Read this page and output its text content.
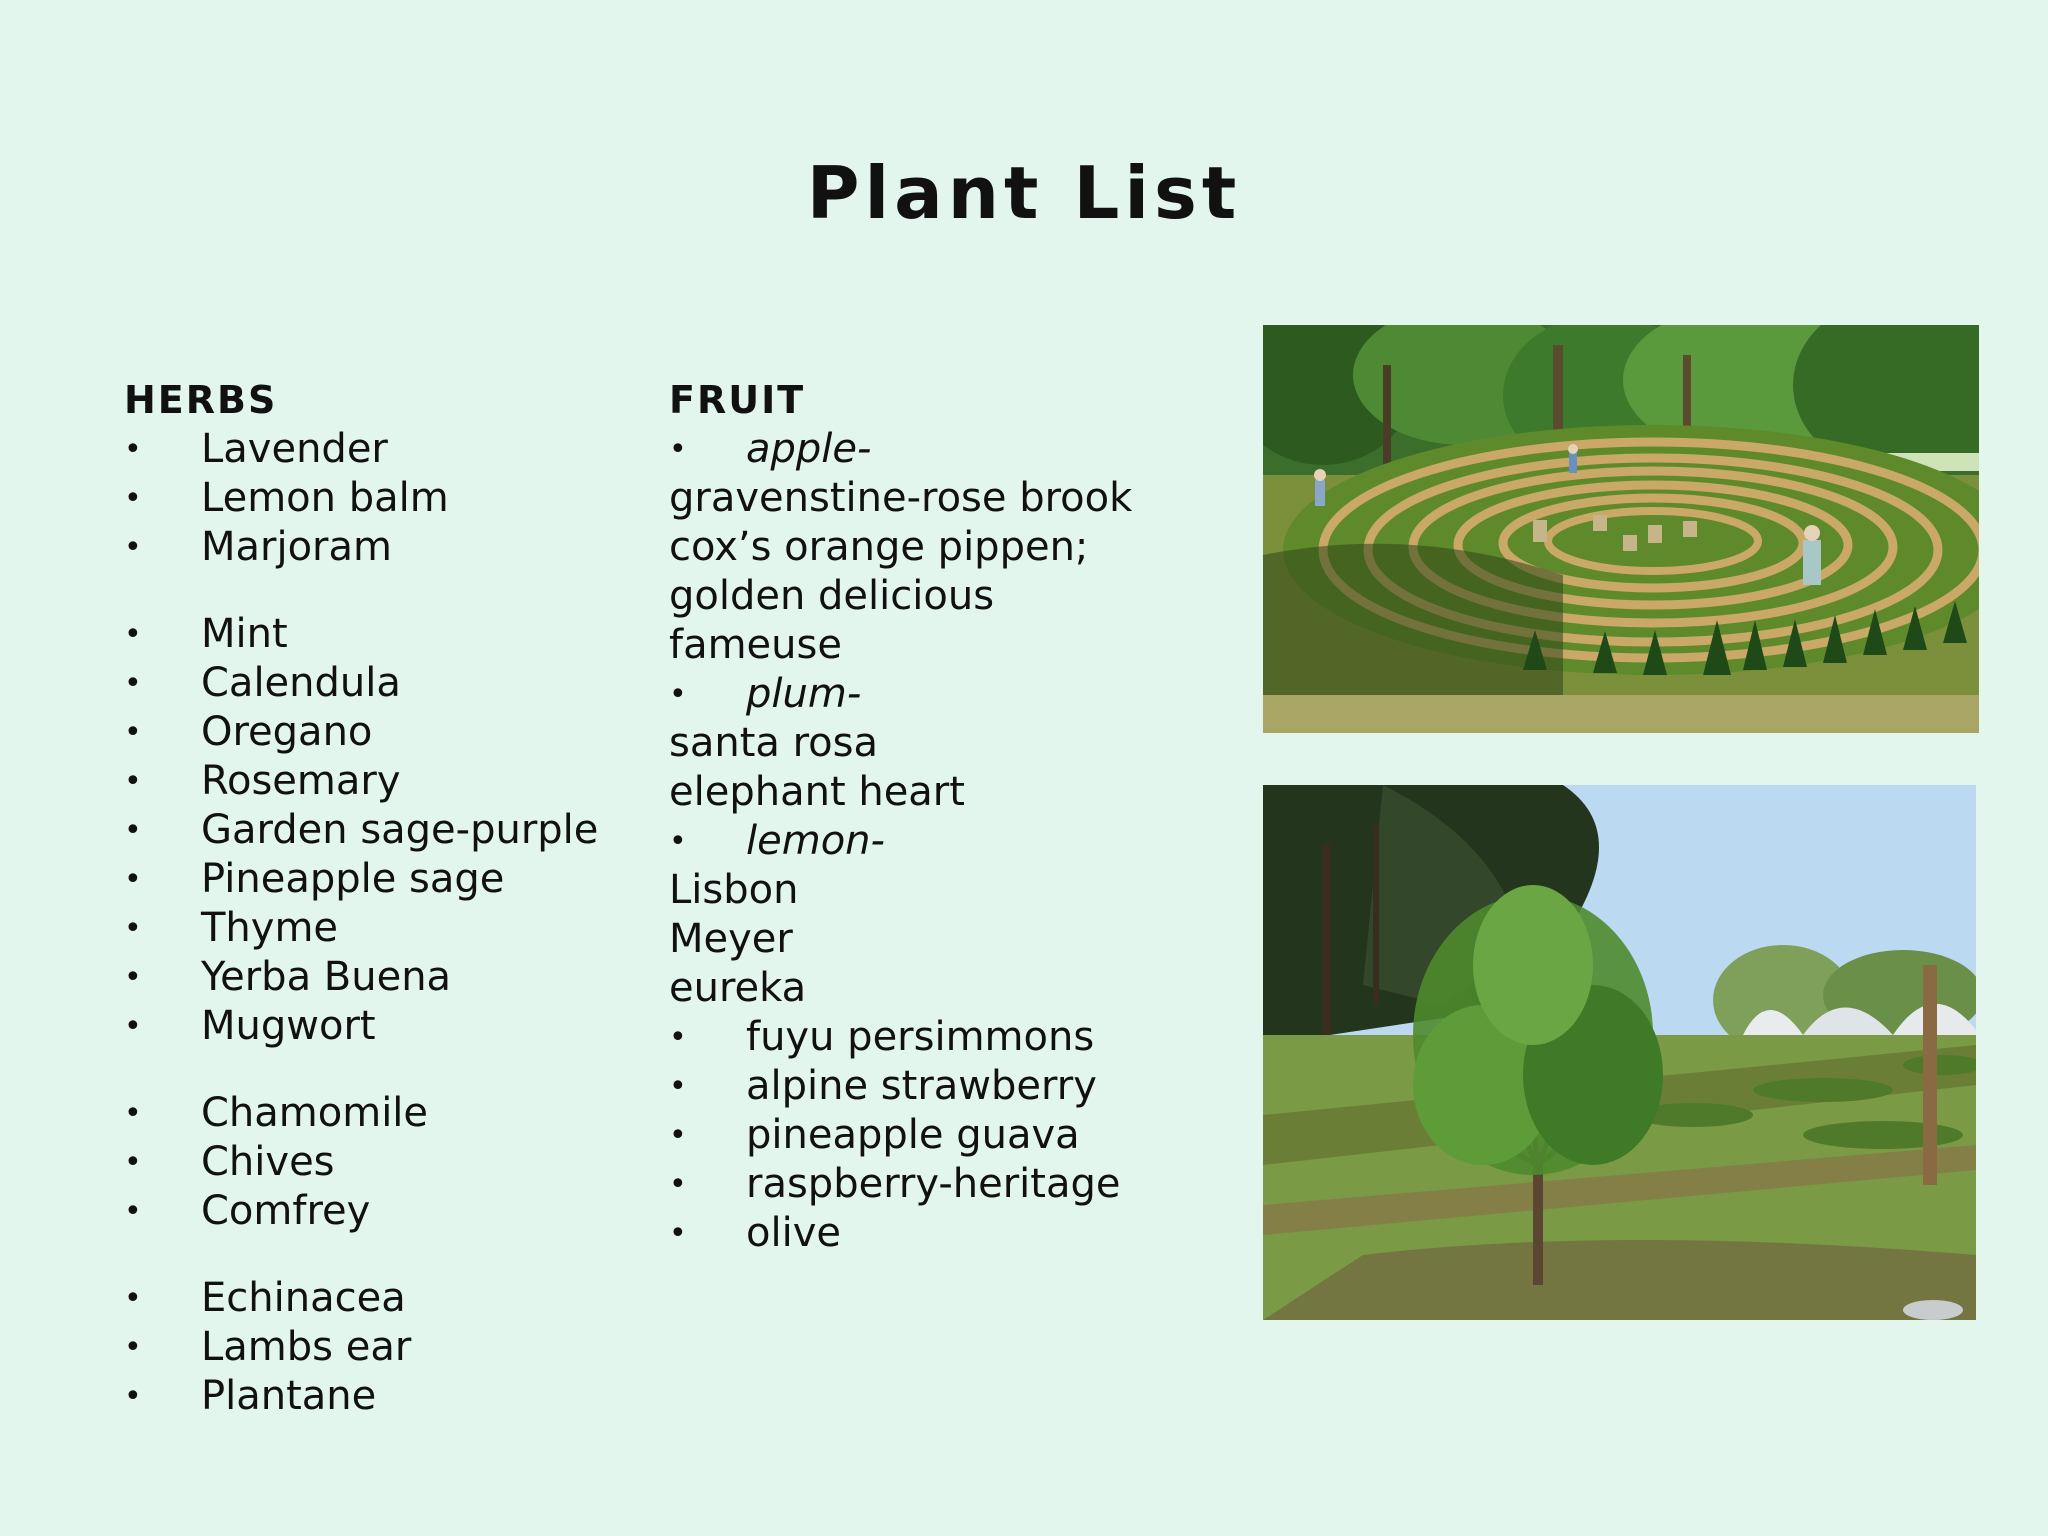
Plant List
HERBS
•	Lavender
•	Lemon balm
•	Marjoram
•	Mint
•	Calendula
•	Oregano
•	Rosemary
•	Garden sage-purple
•	Pineapple sage
•	Thyme
•	Yerba Buena
•	Mugwort
•	Chamomile
•	Chives
•	Comfrey
•	Echinacea
•	Lambs ear
•	Plantane
FRUIT
•	apple-
gravenstine-rose brook
cox’s orange pippen;
golden delicious
fameuse
•	plum-
santa rosa
elephant heart
•	lemon-
Lisbon
Meyer
eureka
•	fuyu persimmons
•	alpine strawberry
•	pineapple guava
•	raspberry-heritage
•	olive
